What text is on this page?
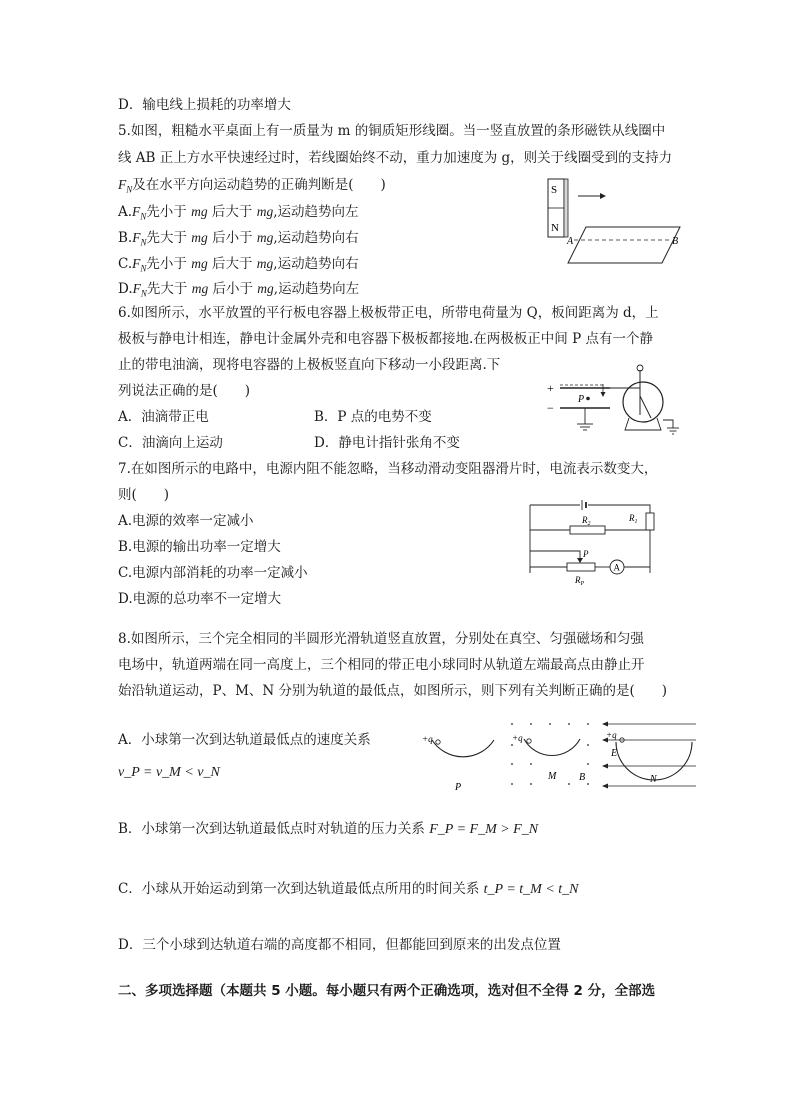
D．输电线上损耗的功率增大
5.如图，粗糙水平桌面上有一质量为 m 的铜质矩形线圈。当一竖直放置的条形磁铁从线圈中
线 AB 正上方水平快速经过时，若线圈始终不动，重力加速度为 g，则关于线圈受到的支持力
$F_N$及在水平方向运动趋势的正确判断是(　　)
$A.F_N$先小于 mg 后大于 mg,运动趋势向左
$B.F_N$先大于 mg 后小于 mg,运动趋势向右
$C.F_N$先小于 mg 后大于 mg,运动趋势向右
$D.F_N$先大于 mg 后小于 mg,运动趋势向左
S
N
A	B
6.如图所示，水平放置的平行板电容器上极板带正电，所带电荷量为 Q，板间距离为 d，上
极板与静电计相连，静电计金属外壳和电容器下极板都接地.在两极板正中间 P 点有一个静
止的带电油滴，现将电容器的上极板竖直向下移动一小段距离.下
列说法正确的是(　　)
A．油滴带正电	B．P 点的电势不变
C．油滴向上运动	D．静电计指针张角不变
+
−
P
7.在如图所示的电路中，电源内阻不能忽略，当移动滑动变阻器滑片时，电流表示数变大，
则(　　)
A.电源的效率一定减小
B.电源的输出功率一定增大
C.电源内部消耗的功率一定减小
D.电源的总功率不一定增大
$R_2$
$R_1$
P
$R_P$
A
8.如图所示，三个完全相同的半圆形光滑轨道竖直放置，分别处在真空、匀强磁场和匀强
电场中，轨道两端在同一高度上，三个相同的带正电小球同时从轨道左端最高点由静止开
始沿轨道运动，P、M、N 分别为轨道的最低点，如图所示，则下列有关判断正确的是(　　)
A．小球第一次到达轨道最低点的速度关系
v_P = v_M < v_N
B．小球第一次到达轨道最低点时对轨道的压力关系 F_P = F_M > F_N
C．小球从开始运动到第一次到达轨道最低点所用的时间关系 t_P = t_M < t_N
D．三个小球到达轨道右端的高度都不相同，但都能回到原来的出发点位置
+q
P
+q
M B
+q
E
N
二、多项选择题（本题共 5 小题。每小题只有两个正确选项，选对但不全得 2 分，全部选
